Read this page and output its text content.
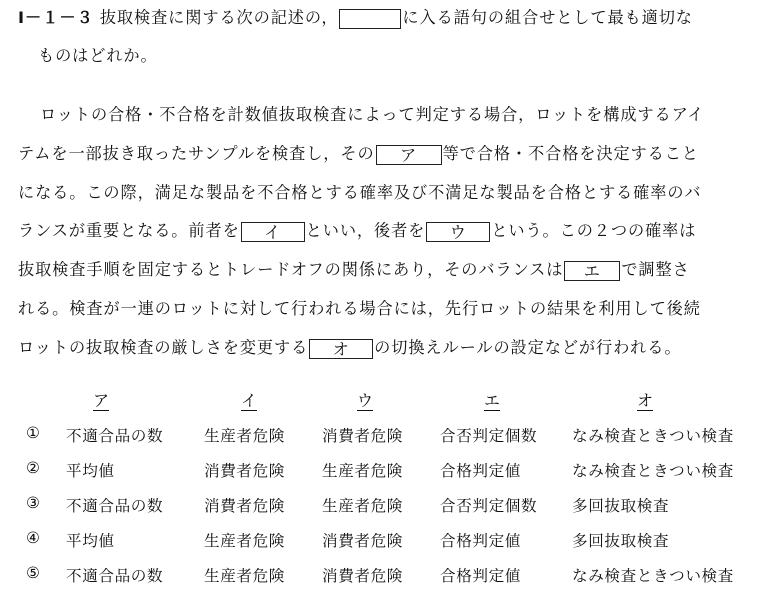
Ⅰ－１－３ 抜取検査に関する次の記述の，	に入る語句の組合せとして最も適切な
ものはどれか。
ロットの合格・不合格を計数値抜取検査によって判定する場合，ロットを構成するアイ
テムを一部抜き取ったサンプルを検査し，その ア 等で合格・不合格を決定すること
になる。この際，満足な製品を不合格とする確率及び不満足な製品を合格とする確率のバ
ランスが重要となる。前者を イ といい，後者を ウ という。この２つの確率は
抜取検査手順を固定するとトレードオフの関係にあり，そのバランスは エ で調整さ
れる。検査が一連のロットに対して行われる場合には，先行ロットの結果を利用して後続
ロットの抜取検査の厳しさを変更する オ の切換えルールの設定などが行われる。
ア	イ	ウ	エ	オ
① 不適合品の数	生産者危険 消費者危険 合否判定個数 なみ検査ときつい検査
② 平均値	消費者危険 生産者危険 合格判定値	なみ検査ときつい検査
③ 不適合品の数	消費者危険 生産者危険 合否判定個数 多回抜取検査
④ 平均値	生産者危険 消費者危険 合格判定値	多回抜取検査
⑤ 不適合品の数	生産者危険 消費者危険 合格判定値	なみ検査ときつい検査
